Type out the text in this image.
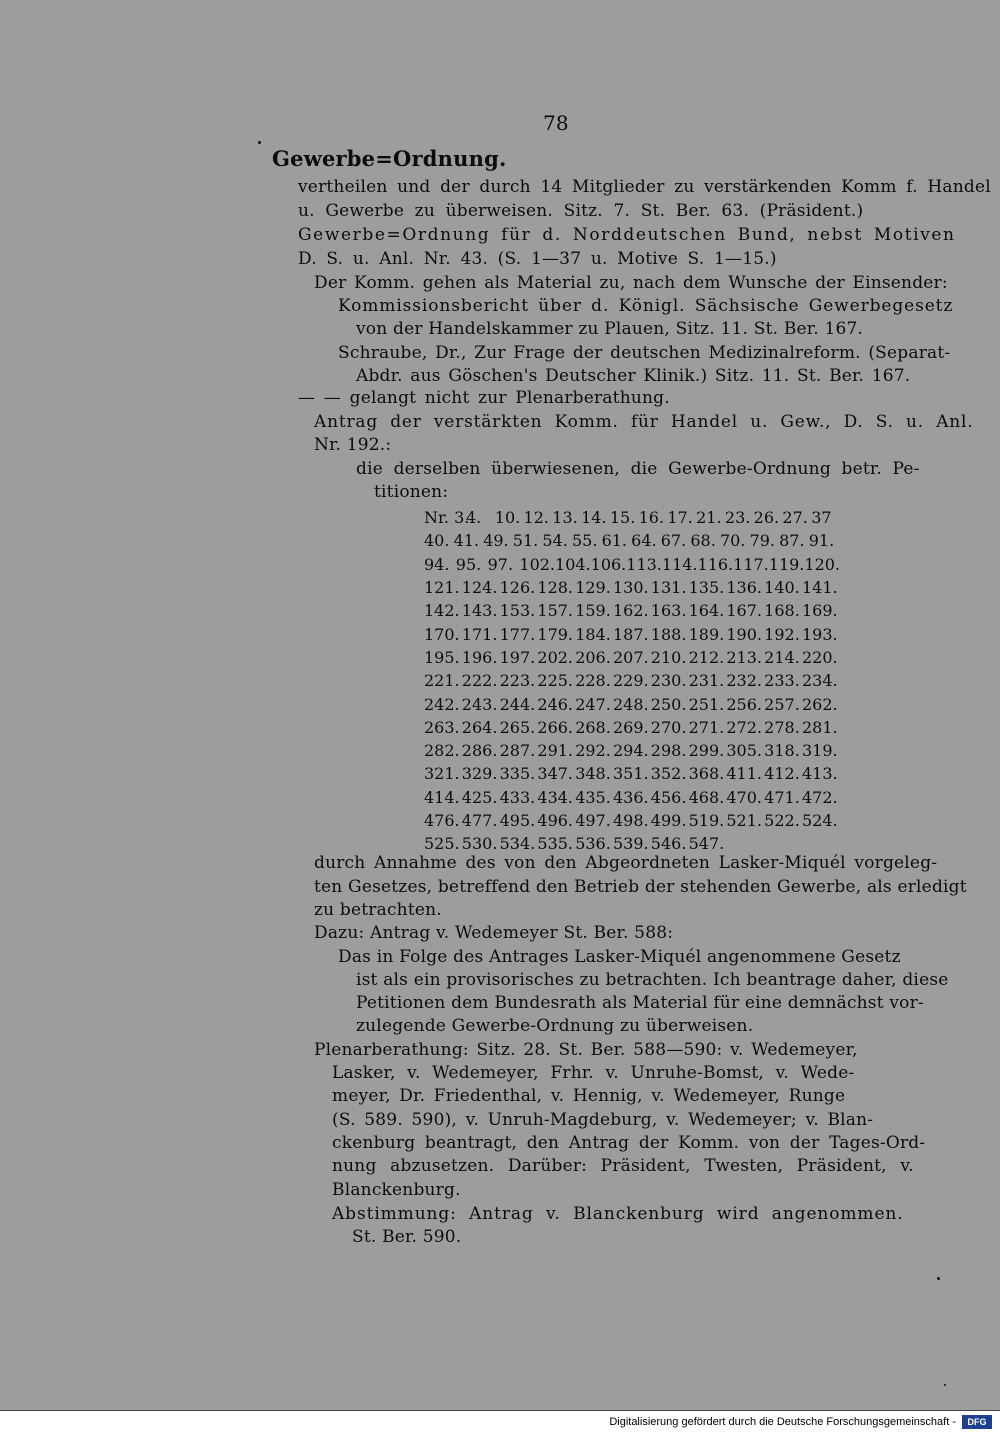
78
Gewerbe=Ordnung.
vertheilen und der durch 14 Mitglieder zu verstärkenden Komm f. Handel
u. Gewerbe zu überweisen. Sitz. 7. St. Ber. 63. (Präsident.)
Gewerbe=Ordnung für d. Norddeutschen Bund, nebst Motiven
D. S. u. Anl. Nr. 43. (S. 1—37 u. Motive S. 1—15.)
Der Komm. gehen als Material zu, nach dem Wunsche der Einsender:
Kommissionsbericht über d. Königl. Sächsische Gewerbegesetz
von der Handelskammer zu Plauen, Sitz. 11. St. Ber. 167.
Schraube, Dr., Zur Frage der deutschen Medizinalreform. (Separat-
Abdr. aus Göschen's Deutscher Klinik.) Sitz. 11. St. Ber. 167.
— — gelangt nicht zur Plenarberathung.
Antrag der verstärkten Komm. für Handel u. Gew., D. S. u. Anl.
Nr. 192.:
die derselben überwiesenen, die Gewerbe-Ordnung betr. Pe-
titionen:
Nr. 3.
4. 10. 12. 13. 14. 15. 16. 17. 21. 23. 26. 27. 37
40. 41. 49. 51. 54. 55. 61. 64. 67. 68. 70. 79. 87. 91.
94. 95. 97. 102. 104. 106. 113. 114. 116. 117. 119. 120.
121. 124. 126. 128. 129. 130. 131. 135. 136. 140. 141.
142. 143. 153. 157. 159. 162. 163. 164. 167. 168. 169.
170. 171. 177. 179. 184. 187. 188. 189. 190. 192. 193.
195. 196. 197. 202. 206. 207. 210. 212. 213. 214. 220.
221. 222. 223. 225. 228. 229. 230. 231. 232. 233. 234.
242. 243. 244. 246. 247. 248. 250. 251. 256. 257. 262.
263. 264. 265. 266. 268. 269. 270. 271. 272. 278. 281.
282. 286. 287. 291. 292. 294. 298. 299. 305. 318. 319.
321. 329. 335. 347. 348. 351. 352. 368. 411. 412. 413.
414. 425. 433. 434. 435. 436. 456. 468. 470. 471. 472.
476. 477. 495. 496. 497. 498. 499. 519. 521. 522. 524.
525. 530. 534. 535. 536. 539. 546. 547.
durch Annahme des von den Abgeordneten Lasker-Miquél vorgeleg-
ten Gesetzes, betreffend den Betrieb der stehenden Gewerbe, als erledigt
zu betrachten.
Dazu: Antrag v. Wedemeyer St. Ber. 588:
Das in Folge des Antrages Lasker-Miquél angenommene Gesetz
ist als ein provisorisches zu betrachten. Ich beantrage daher, diese
Petitionen dem Bundesrath als Material für eine demnächst vor-
zulegende Gewerbe-Ordnung zu überweisen.
Plenarberathung: Sitz. 28. St. Ber. 588—590: v. Wedemeyer,
Lasker, v. Wedemeyer, Frhr. v. Unruhe-Bomst, v. Wede-
meyer, Dr. Friedenthal, v. Hennig, v. Wedemeyer, Runge
(S. 589. 590), v. Unruh-Magdeburg, v. Wedemeyer; v. Blan-
ckenburg beantragt, den Antrag der Komm. von der Tages-Ord-
nung abzusetzen. Darüber: Präsident, Twesten, Präsident, v.
Blanckenburg.
Abstimmung: Antrag v. Blanckenburg wird angenommen.
St. Ber. 590.
Digitalisierung gefördert durch die Deutsche Forschungsgemeinschaft -	DFG
